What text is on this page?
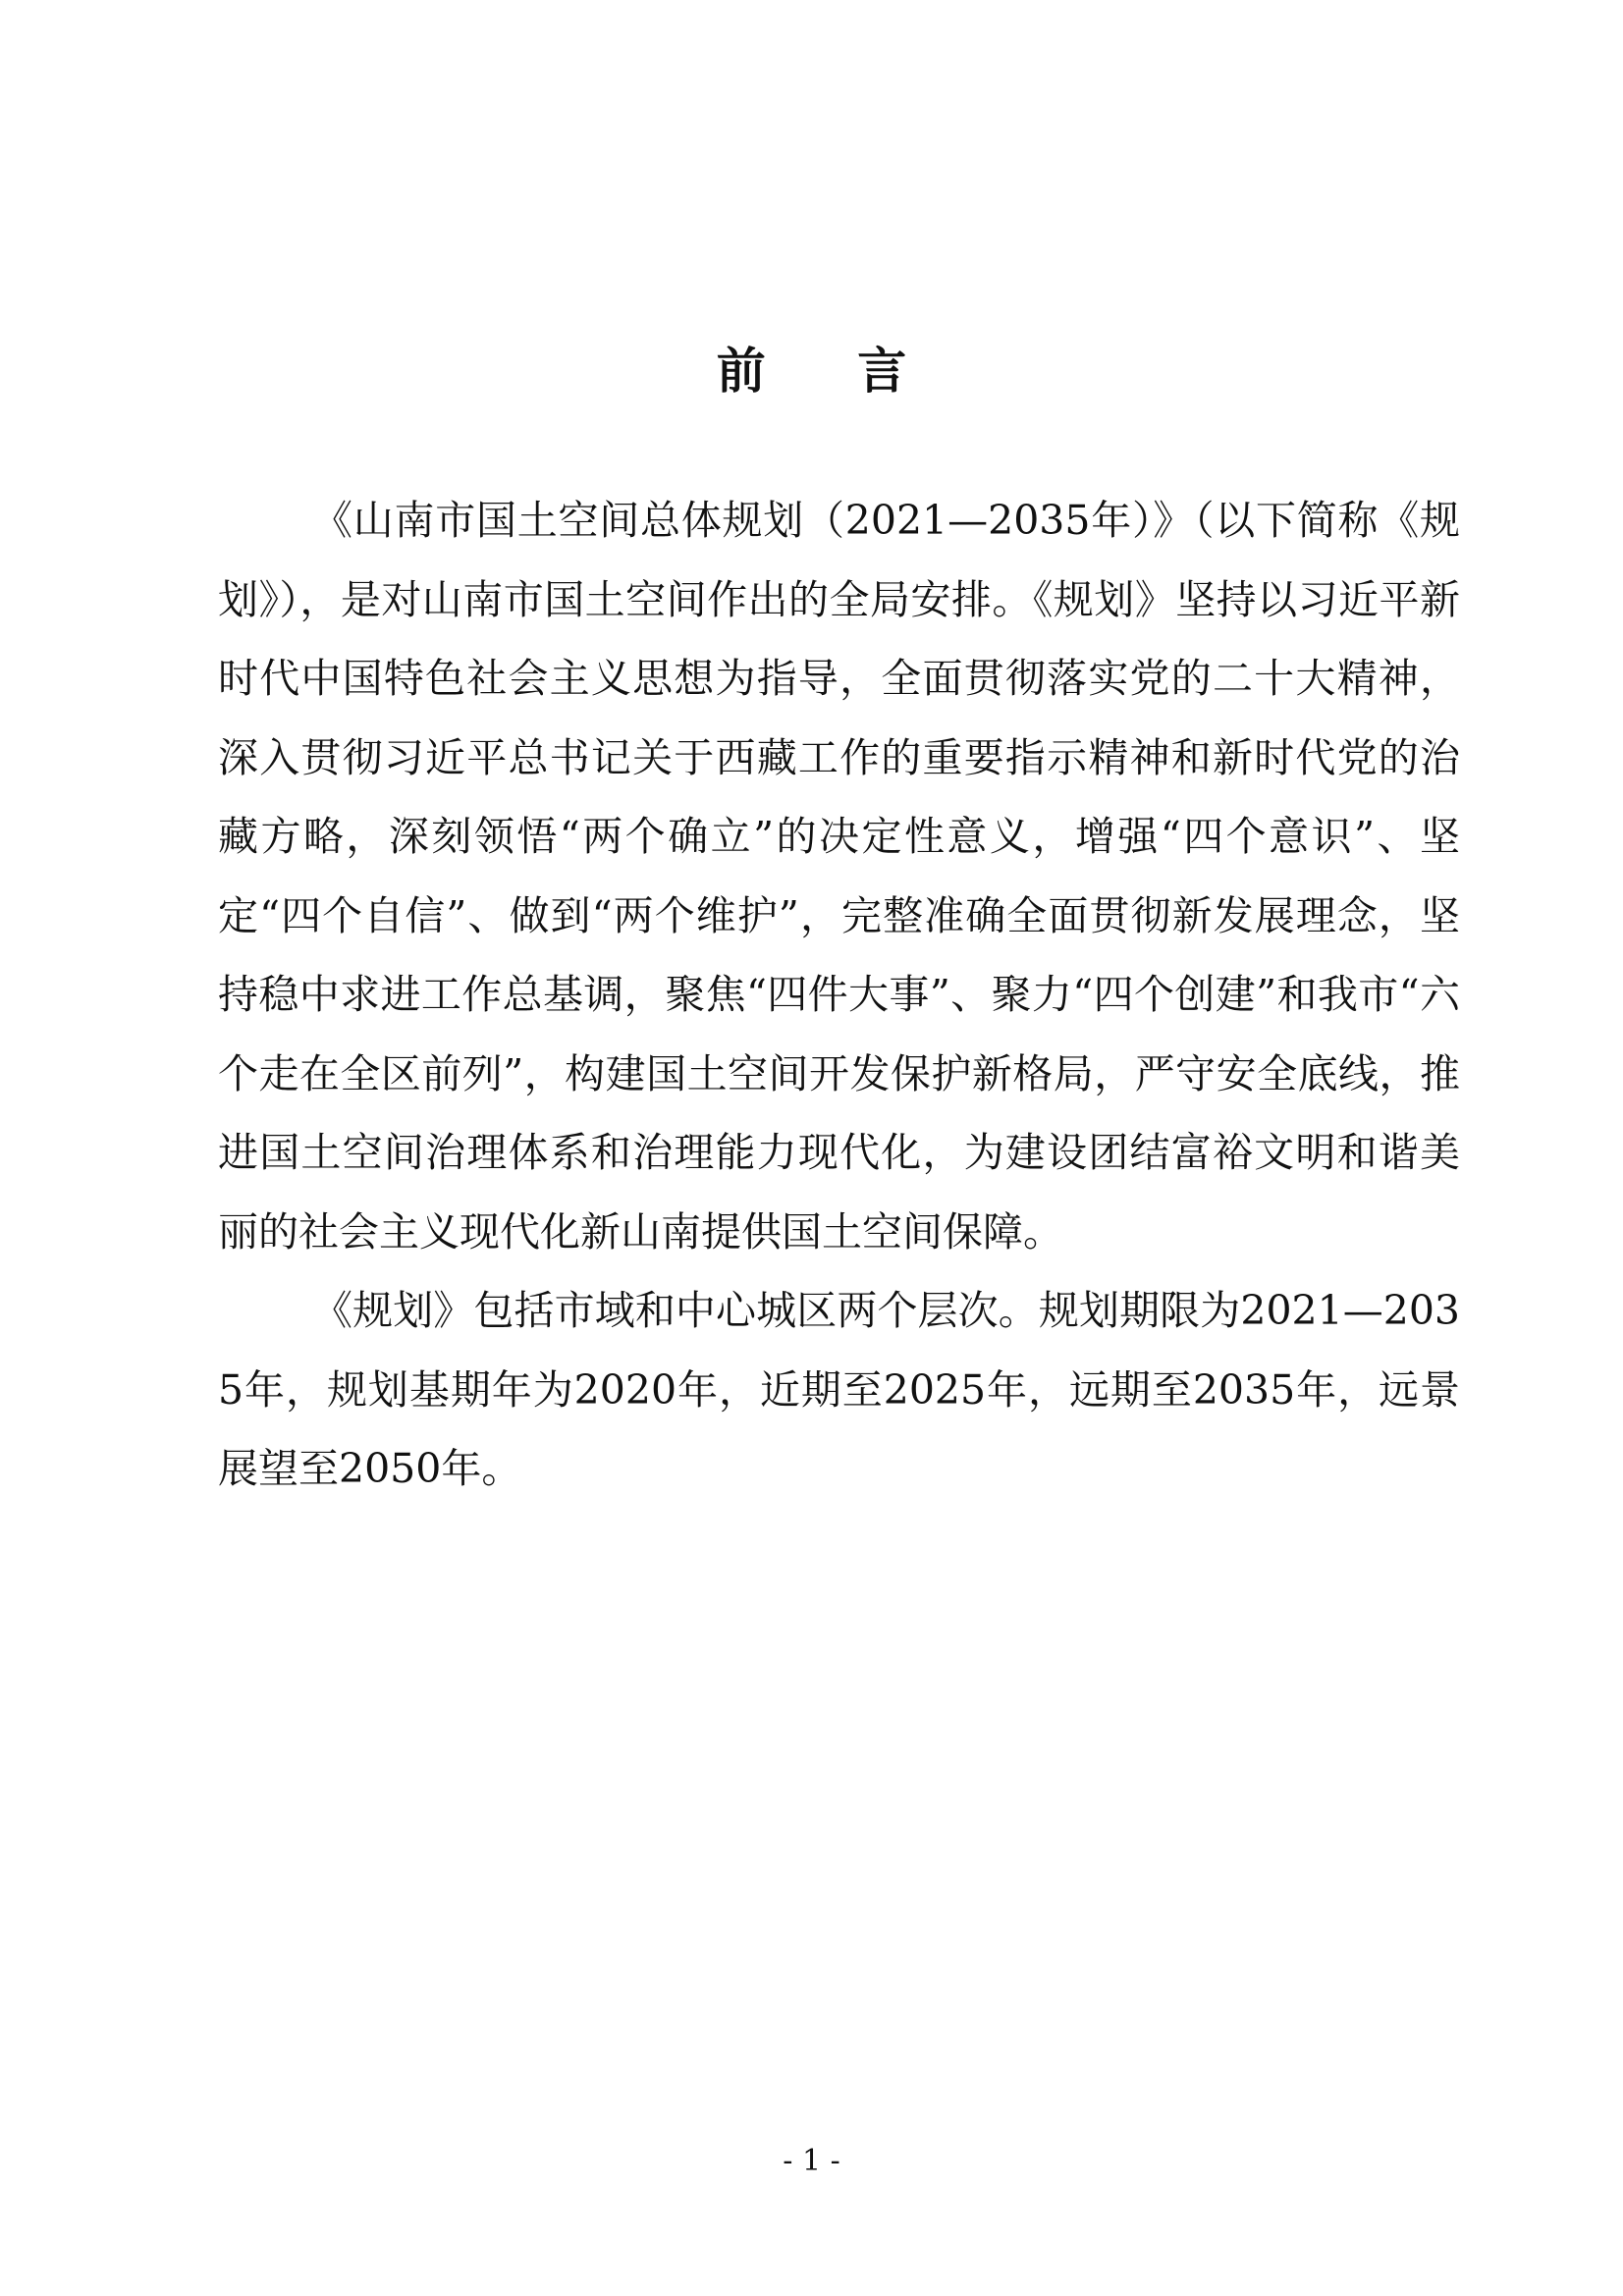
前 言

《山南市国土空间总体规划（2021—2035年）》（以下简称《规划》），是对山南市国土空间作出的全局安排。《规划》坚持以习近平新时代中国特色社会主义思想为指导，全面贯彻落实党的二十大精神，深入贯彻习近平总书记关于西藏工作的重要指示精神和新时代党的治藏方略，深刻领悟“两个确立”的决定性意义，增强“四个意识”、坚定“四个自信”、做到“两个维护”，完整准确全面贯彻新发展理念，坚持稳中求进工作总基调，聚焦“四件大事”、聚力“四个创建”和我市“六个走在全区前列”，构建国土空间开发保护新格局，严守安全底线，推进国土空间治理体系和治理能力现代化，为建设团结富裕文明和谐美丽的社会主义现代化新山南提供国土空间保障。

《规划》包括市域和中心城区两个层次。规划期限为2021—2035年，规划基期年为2020年，近期至2025年，远期至2035年，远景展望至2050年。

- 1 -
